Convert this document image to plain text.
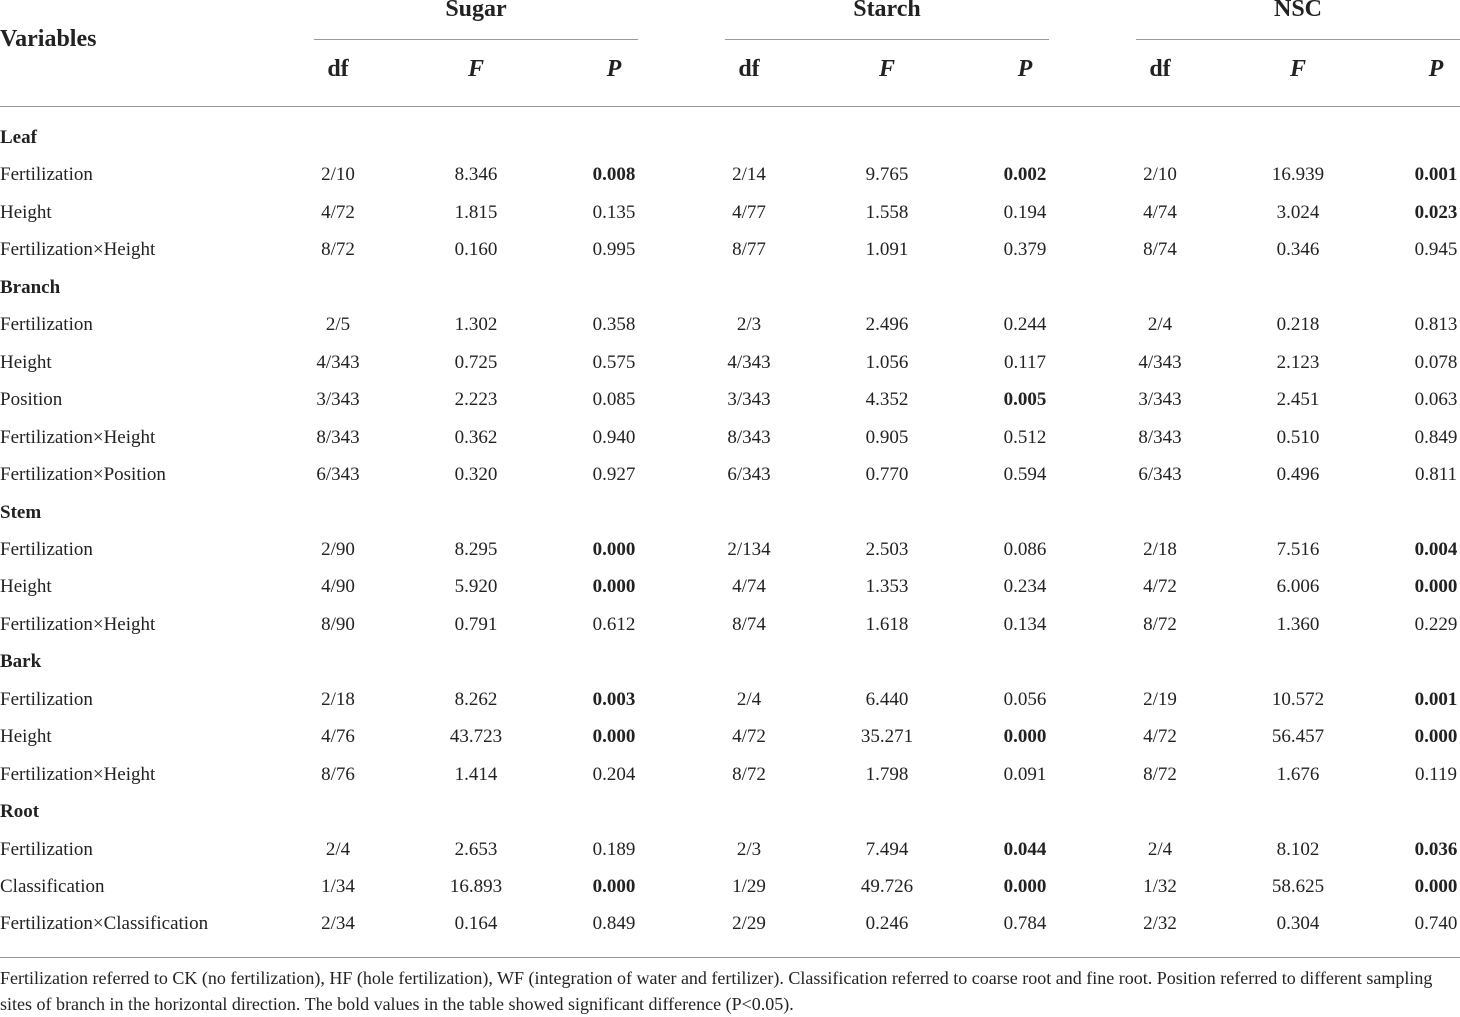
Variables
Sugar	Starch	NSC
df	F	P	df	F	P	df	F	P
Leaf
Fertilization	2/10	8.346	0.008	2/14	9.765	0.002	2/10	16.939	0.001
Height	4/72	1.815	0.135	4/77	1.558	0.194	4/74	3.024	0.023
Fertilization×Height	8/72	0.160	0.995	8/77	1.091	0.379	8/74	0.346	0.945
Branch
Fertilization	2/5	1.302	0.358	2/3	2.496	0.244	2/4	0.218	0.813
Height	4/343	0.725	0.575	4/343	1.056	0.117	4/343	2.123	0.078
Position	3/343	2.223	0.085	3/343	4.352	0.005	3/343	2.451	0.063
Fertilization×Height	8/343	0.362	0.940	8/343	0.905	0.512	8/343	0.510	0.849
Fertilization×Position	6/343	0.320	0.927	6/343	0.770	0.594	6/343	0.496	0.811
Stem
Fertilization	2/90	8.295	0.000	2/134	2.503	0.086	2/18	7.516	0.004
Height	4/90	5.920	0.000	4/74	1.353	0.234	4/72	6.006	0.000
Fertilization×Height	8/90	0.791	0.612	8/74	1.618	0.134	8/72	1.360	0.229
Bark
Fertilization	2/18	8.262	0.003	2/4	6.440	0.056	2/19	10.572	0.001
Height	4/76	43.723	0.000	4/72	35.271	0.000	4/72	56.457	0.000
Fertilization×Height	8/76	1.414	0.204	8/72	1.798	0.091	8/72	1.676	0.119
Root
Fertilization	2/4	2.653	0.189	2/3	7.494	0.044	2/4	8.102	0.036
Classification	1/34	16.893	0.000	1/29	49.726	0.000	1/32	58.625	0.000
Fertilization×Classification	2/34	0.164	0.849	2/29	0.246	0.784	2/32	0.304	0.740
Fertilization referred to CK (no fertilization), HF (hole fertilization), WF (integration of water and fertilizer). Classification referred to coarse root and fine root. Position referred to different sampling sites of branch in the horizontal direction. The bold values in the table showed significant difference (P<0.05).
